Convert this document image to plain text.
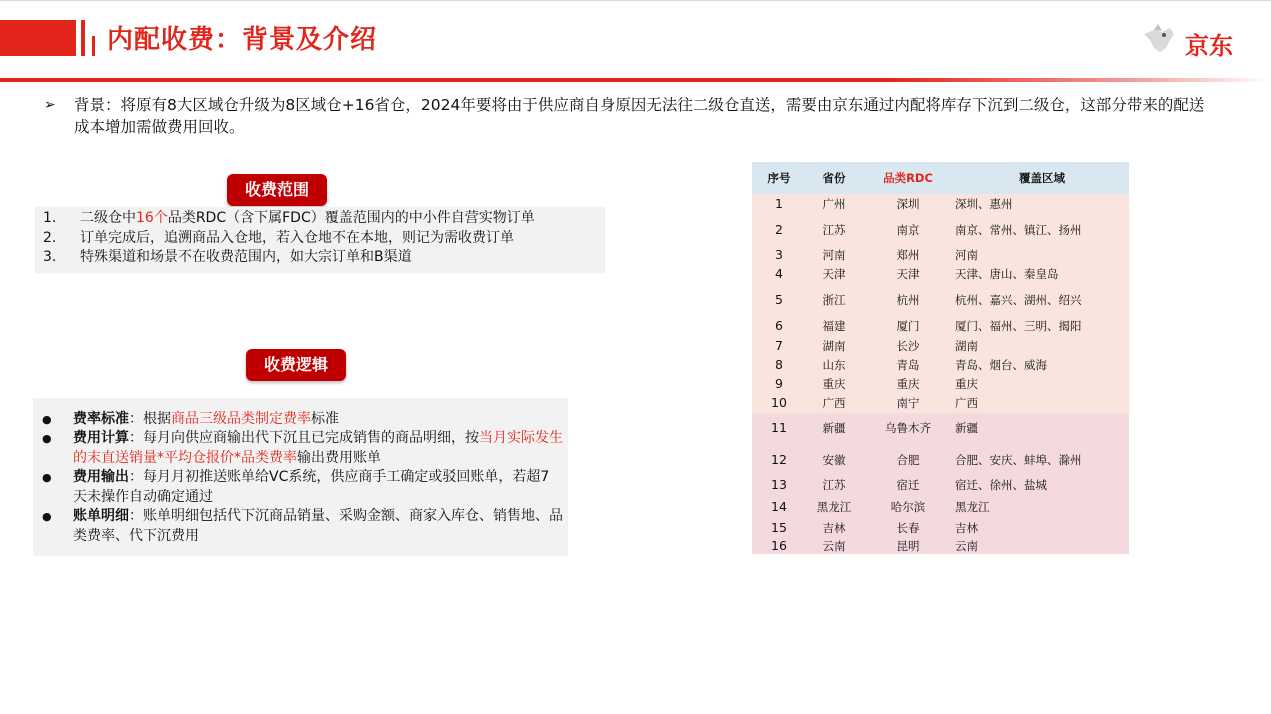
内配收费：背景及介绍	京东
➢ 背景：将原有8大区域仓升级为8区域仓+16省仓，2024年要将由于供应商自身原因无法往二级仓直送，需要由京东通过内配将库存下沉到二级仓，这部分带来的配送成本增加需做费用回收。
收费范围
1. 二级仓中16个品类RDC（含下属FDC）覆盖范围内的中小件自营实物订单
2. 订单完成后，追溯商品入仓地，若入仓地不在本地，则记为需收费订单
3. 特殊渠道和场景不在收费范围内，如大宗订单和B渠道
收费逻辑
● 费率标准：根据商品三级品类制定费率标准
● 费用计算：每月向供应商输出代下沉且已完成销售的商品明细，按当月实际发生的末直送销量*平均仓报价*品类费率输出费用账单
● 费用输出：每月月初推送账单给VC系统，供应商手工确定或驳回账单，若超7天未操作自动确定通过
● 账单明细：账单明细包括代下沉商品销量、采购金额、商家入库仓、销售地、品类费率、代下沉费用
序号	省份	品类RDC	覆盖区域
1	广州	深圳	深圳、惠州
2	江苏	南京	南京、常州、镇江、扬州
3	河南	郑州	河南
4	天津	天津	天津、唐山、秦皇岛
5	浙江	杭州	杭州、嘉兴、湖州、绍兴
6	福建	厦门	厦门、福州、三明、揭阳
7	湖南	长沙	湖南
8	山东	青岛	青岛、烟台、威海
9	重庆	重庆	重庆
10	广西	南宁	广西
11	新疆	乌鲁木齐	新疆
12	安徽	合肥	合肥、安庆、蚌埠、滁州
13	江苏	宿迁	宿迁、徐州、盐城
14	黑龙江	哈尔滨	黑龙江
15	吉林	长春	吉林
16	云南	昆明	云南
